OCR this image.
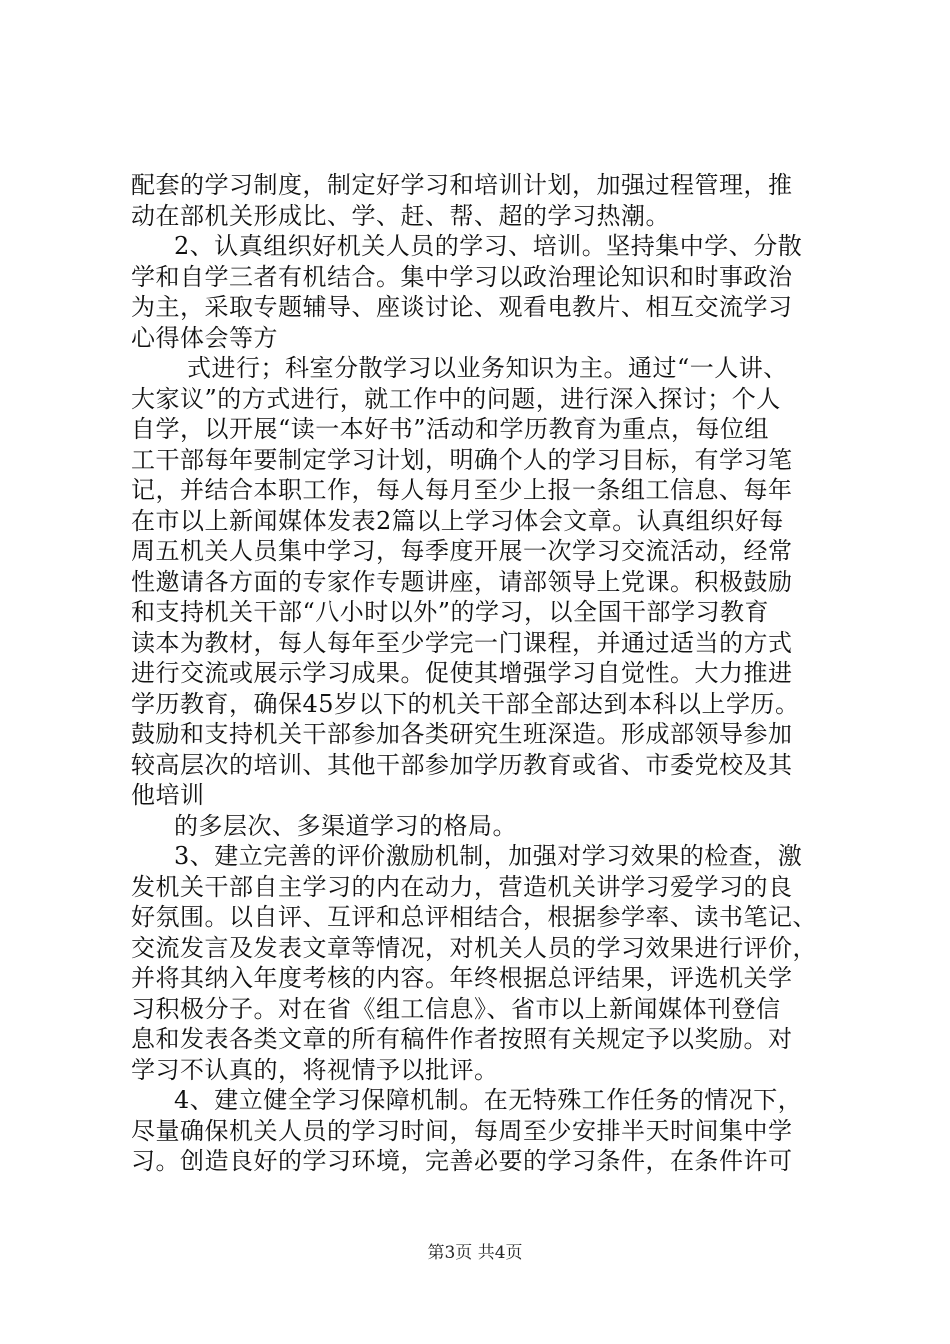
配套的学习制度，制定好学习和培训计划，加强过程管理，推
动在部机关形成比、学、赶、帮、超的学习热潮。
2、认真组织好机关人员的学习、培训。坚持集中学、分散
学和自学三者有机结合。集中学习以政治理论知识和时事政治
为主，采取专题辅导、座谈讨论、观看电教片、相互交流学习
心得体会等方
式进行；科室分散学习以业务知识为主。通过“一人讲、
大家议”的方式进行，就工作中的问题，进行深入探讨；个人
自学，以开展“读一本好书”活动和学历教育为重点，每位组
工干部每年要制定学习计划，明确个人的学习目标，有学习笔
记，并结合本职工作，每人每月至少上报一条组工信息、每年
在市以上新闻媒体发表2篇以上学习体会文章。认真组织好每
周五机关人员集中学习，每季度开展一次学习交流活动，经常
性邀请各方面的专家作专题讲座，请部领导上党课。积极鼓励
和支持机关干部“八小时以外”的学习，以全国干部学习教育
读本为教材，每人每年至少学完一门课程，并通过适当的方式
进行交流或展示学习成果。促使其增强学习自觉性。大力推进
学历教育，确保45岁以下的机关干部全部达到本科以上学历。
鼓励和支持机关干部参加各类研究生班深造。形成部领导参加
较高层次的培训、其他干部参加学历教育或省、市委党校及其
他培训
的多层次、多渠道学习的格局。
3、建立完善的评价激励机制，加强对学习效果的检查，激
发机关干部自主学习的内在动力，营造机关讲学习爱学习的良
好氛围。以自评、互评和总评相结合，根据参学率、读书笔记、
交流发言及发表文章等情况，对机关人员的学习效果进行评价，
并将其纳入年度考核的内容。年终根据总评结果，评选机关学
习积极分子。对在省《组工信息》、省市以上新闻媒体刊登信
息和发表各类文章的所有稿件作者按照有关规定予以奖励。对
学习不认真的，将视情予以批评。
4、建立健全学习保障机制。在无特殊工作任务的情况下，
尽量确保机关人员的学习时间，每周至少安排半天时间集中学
习。创造良好的学习环境，完善必要的学习条件，在条件许可
第3页 共4页
